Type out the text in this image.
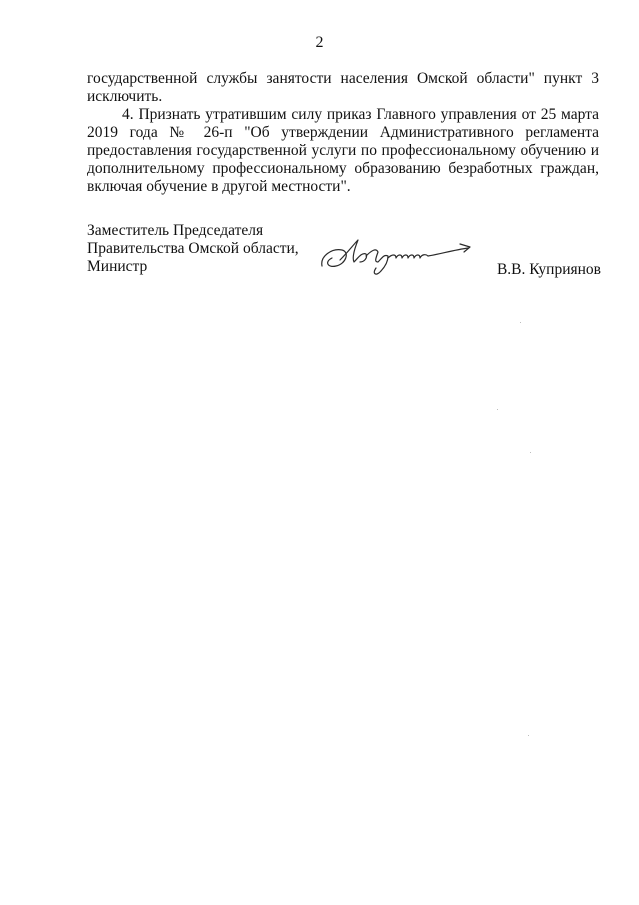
2
государственной службы занятости населения Омской области" пункт 3
исключить.
4. Признать утратившим силу приказ Главного управления от 25 марта
2019 года № 26-п "Об утверждении Административного регламента
предоставления государственной услуги по профессиональному обучению и
дополнительному профессиональному образованию безработных граждан,
включая обучение в другой местности".
Заместитель Председателя
Правительства Омской области,
Министр	В.В. Куприянов
